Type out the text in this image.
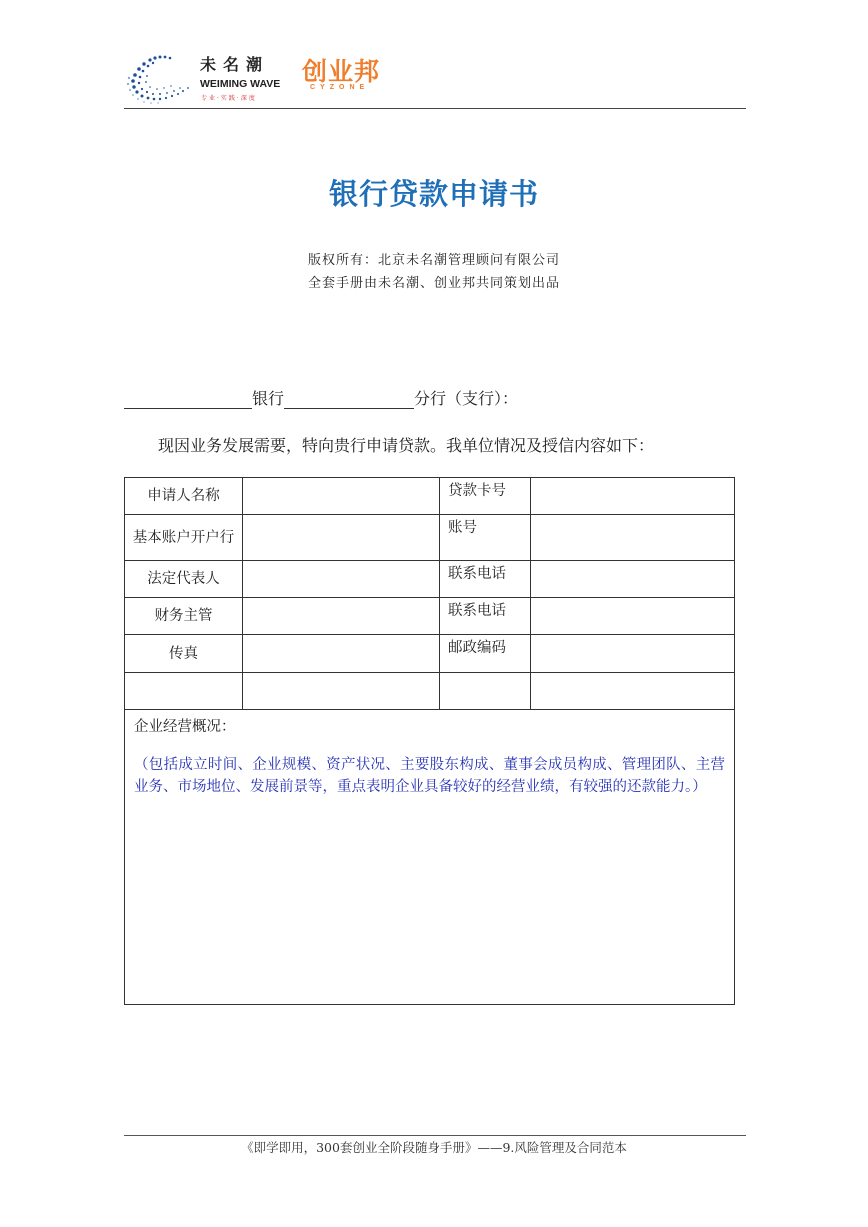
未名潮
WEIMING WAVE
专业·实践·深度
创业邦
CYZONE
银行贷款申请书
版权所有：北京未名潮管理顾问有限公司
全套手册由未名潮、创业邦共同策划出品
银行	分行（支行）：
现因业务发展需要，特向贵行申请贷款。我单位情况及授信内容如下：
申请人名称		贷款卡号	
基本账户开户行		账号	
法定代表人		联系电话	
财务主管		联系电话	
传真		邮政编码	

企业经营概况：
（包括成立时间、企业规模、资产状况、主要股东构成、董事会成员构成、管理团队、主营业务、市场地位、发展前景等，重点表明企业具备较好的经营业绩，有较强的还款能力。）			
《即学即用，300套创业全阶段随身手册》——9.风险管理及合同范本
